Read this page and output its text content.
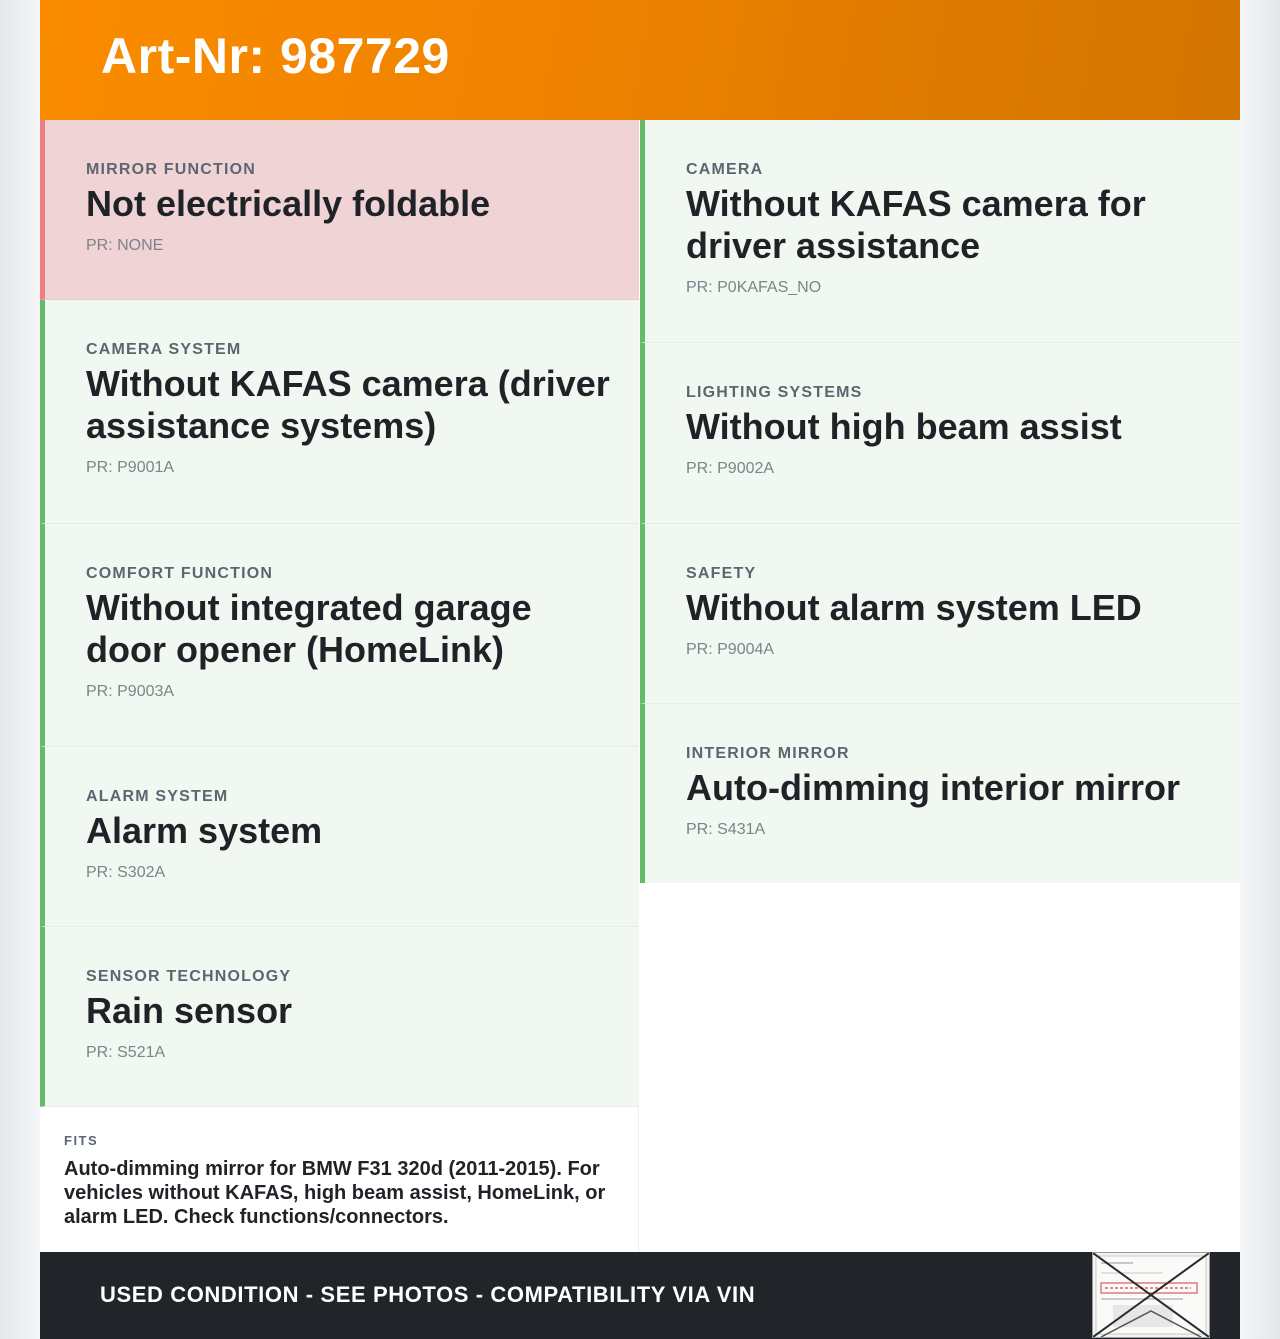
Art-Nr: 987729

MIRROR FUNCTION

Not electrically foldable

PR: NONE

CAMERA SYSTEM

Without KAFAS camera (driver assistance systems)

PR: P9001A

COMFORT FUNCTION

Without integrated garage door opener (HomeLink)

PR: P9003A

ALARM SYSTEM

Alarm system

PR: S302A

SENSOR TECHNOLOGY

Rain sensor

PR: S521A

CAMERA

Without KAFAS camera for driver assistance

PR: P0KAFAS_NO

LIGHTING SYSTEMS

Without high beam assist

PR: P9002A

SAFETY

Without alarm system LED

PR: P9004A

INTERIOR MIRROR

Auto-dimming interior mirror

PR: S431A

FITS

Auto-dimming mirror for BMW F31 320d (2011-2015). For vehicles without KAFAS, high beam assist, HomeLink, or alarm LED. Check functions/connectors.

USED CONDITION - SEE PHOTOS - COMPATIBILITY VIA VIN
